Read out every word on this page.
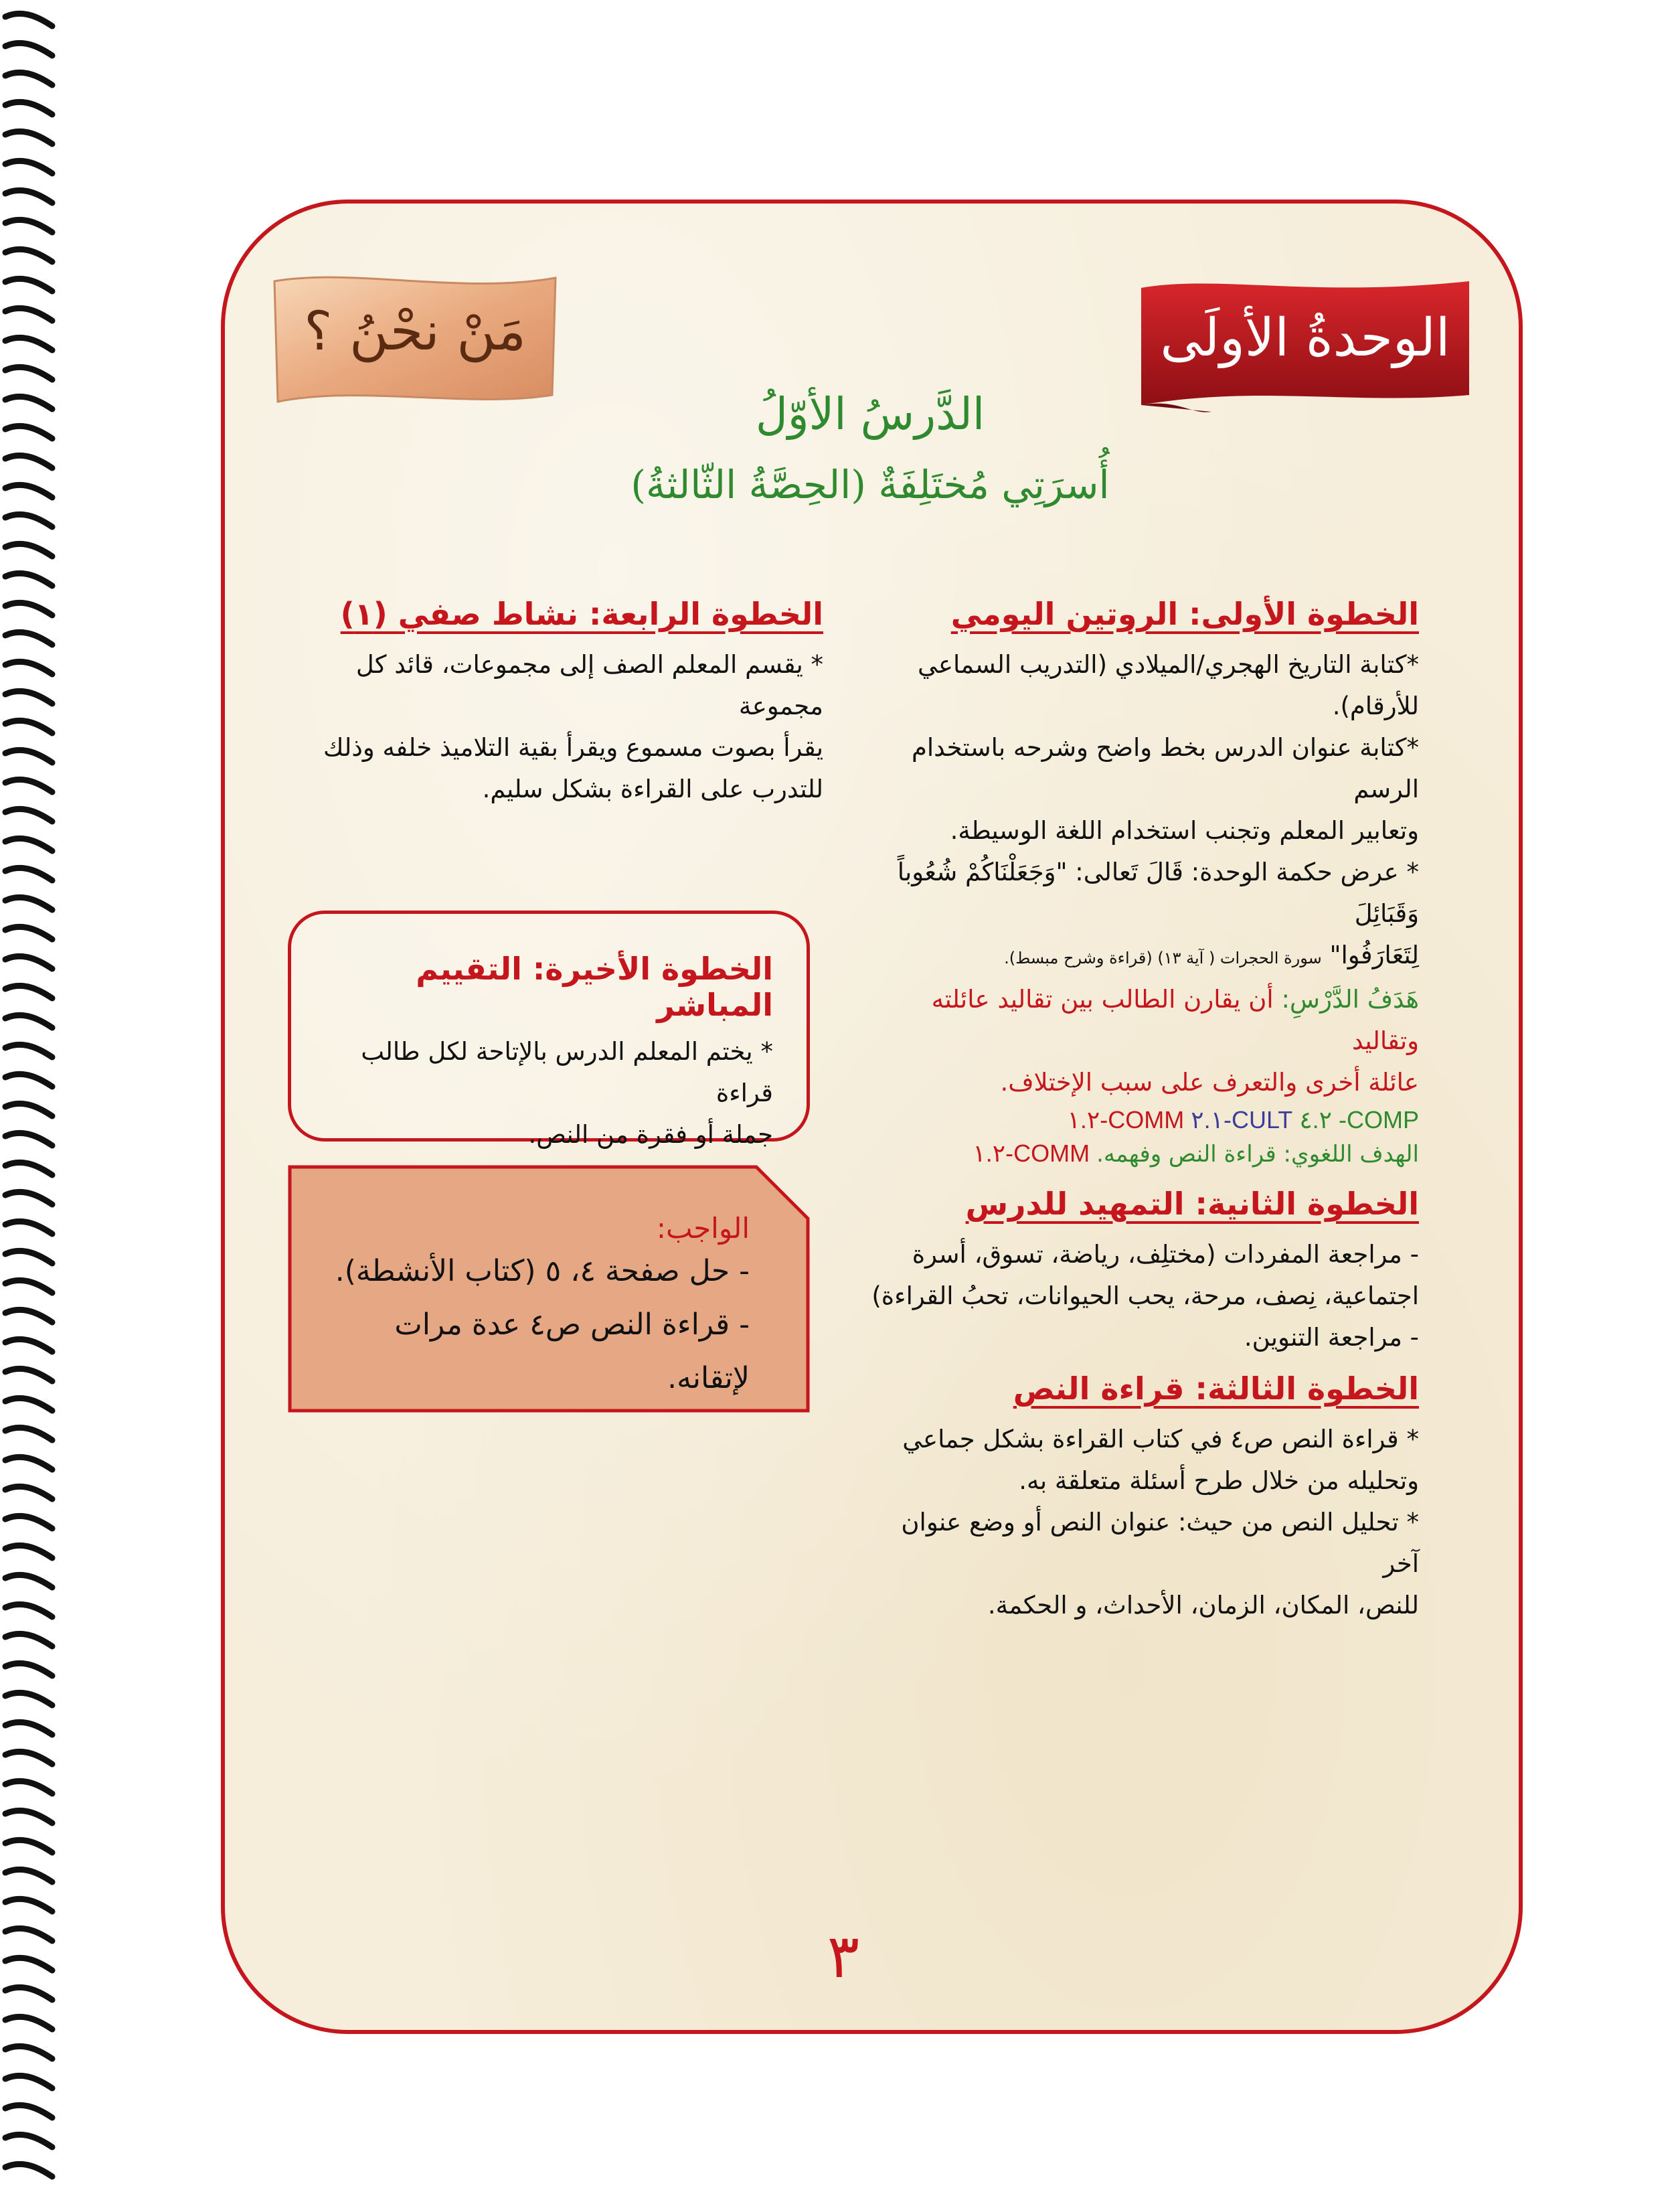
الوحدةُ الأولَى
مَنْ نحْنُ ؟
الدَّرسُ الأوّلُ
أُسرَتِي مُختَلِفَةٌ (الحِصَّةُ الثّالثةُ)
الخطوة الأولى: الروتين اليومي
*كتابة التاريخ الهجري/الميلادي (التدريب السماعي
للأرقام).
*كتابة عنوان الدرس بخط واضح وشرحه باستخدام الرسم
وتعابير المعلم وتجنب استخدام اللغة الوسيطة.
* عرض حكمة الوحدة: قَالَ تَعالى: "وَجَعَلْنَاكُمْ شُعُوباً وَقَبَائِلَ
لِتَعَارَفُوا" سورة الحجرات ( آية ١٣) (قراءة وشرح مبسط).
هَدَفُ الدَّرْسِ: أن يقارن الطالب بين تقاليد عائلته وتقاليد
عائلة أخرى والتعرف على سبب الإختلاف.
COMP- ٤.٢ CULT-٢.١ COMM-١.٢
الهدف اللغوي: قراءة النص وفهمه. COMM-١.٢
الخطوة الثانية: التمهيد للدرس
- مراجعة المفردات (مختلِف، رياضة، تسوق، أسرة
اجتماعية، نِصف، مرحة، يحب الحيوانات، تحبُ القراءة)
- مراجعة التنوين.
الخطوة الثالثة: قراءة النص
* قراءة النص ص٤ في كتاب القراءة بشكل جماعي
وتحليله من خلال طرح أسئلة متعلقة به.
* تحليل النص من حيث: عنوان النص أو وضع عنوان آخر
للنص، المكان، الزمان، الأحداث، و الحكمة.
الخطوة الرابعة: نشاط صفي (١)
* يقسم المعلم الصف إلى مجموعات، قائد كل مجموعة
يقرأ بصوت مسموع ويقرأ بقية التلاميذ خلفه وذلك
للتدرب على القراءة بشكل سليم.
الخطوة الأخيرة: التقييم المباشر
* يختم المعلم الدرس بالإتاحة لكل طالب قراءة
جملة أو فقرة من النص.
الواجب:
- حل صفحة ٤، ٥ (كتاب الأنشطة).
- قراءة النص ص٤ عدة مرات لإتقانه.
٣
